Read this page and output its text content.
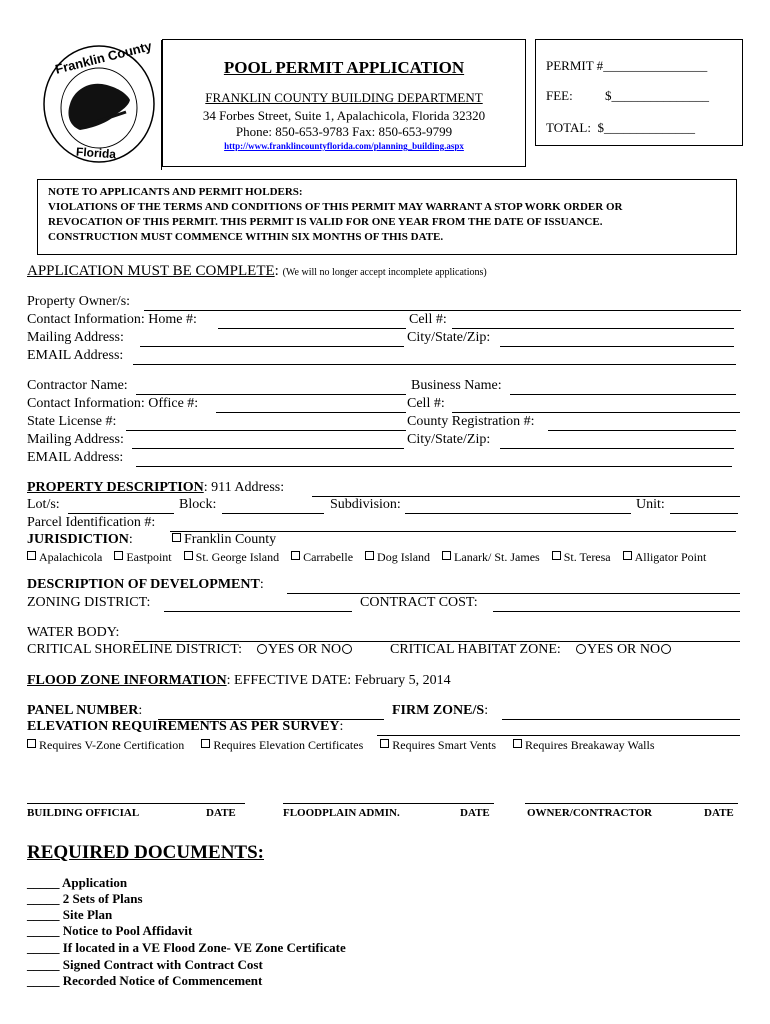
Franklin County
Florida
POOL PERMIT APPLICATION
FRANKLIN COUNTY BUILDING DEPARTMENT
34 Forbes Street, Suite 1, Apalachicola, Florida 32320
Phone: 850-653-9783 Fax: 850-653-9799
http://www.franklincountyflorida.com/planning_building.aspx
PERMIT #________________
FEE: $_______________
TOTAL: $______________
NOTE TO APPLICANTS AND PERMIT HOLDERS:
VIOLATIONS OF THE TERMS AND CONDITIONS OF THIS PERMIT MAY WARRANT A STOP WORK ORDER OR
REVOCATION OF THIS PERMIT. THIS PERMIT IS VALID FOR ONE YEAR FROM THE DATE OF ISSUANCE.
CONSTRUCTION MUST COMMENCE WITHIN SIX MONTHS OF THIS DATE.
APPLICATION MUST BE COMPLETE: (We will no longer accept incomplete applications)
Property Owner/s:
Contact Information: Home #:	Cell #:
Mailing Address:	City/State/Zip:
EMAIL Address:
Contractor Name:	Business Name:
Contact Information: Office #:	Cell #:
State License #:	County Registration #:
Mailing Address:	City/State/Zip:
EMAIL Address:
PROPERTY DESCRIPTION: 911 Address:
Lot/s:	Block:	Subdivision:	Unit:
Parcel Identification #:
JURISDICTION:	Franklin County
Apalachicola Eastpoint St. George Island Carrabelle Dog Island Lanark/ St. James St. Teresa Alligator Point
DESCRIPTION OF DEVELOPMENT:
ZONING DISTRICT:	CONTRACT COST:
WATER BODY:
CRITICAL SHORELINE DISTRICT:	YES OR NO	CRITICAL HABITAT ZONE:	YES OR NO
FLOOD ZONE INFORMATION: EFFECTIVE DATE: February 5, 2014
PANEL NUMBER:	FIRM ZONE/S:
ELEVATION REQUIREMENTS AS PER SURVEY:
Requires V-Zone Certification Requires Elevation Certificates Requires Smart Vents Requires Breakaway Walls
BUILDING OFFICIAL	DATE	FLOODPLAIN ADMIN.	DATE	OWNER/CONTRACTOR	DATE
REQUIRED DOCUMENTS:
_____ Application
_____ 2 Sets of Plans
_____ Site Plan
_____ Notice to Pool Affidavit
_____ If located in a VE Flood Zone- VE Zone Certificate
_____ Signed Contract with Contract Cost
_____ Recorded Notice of Commencement
